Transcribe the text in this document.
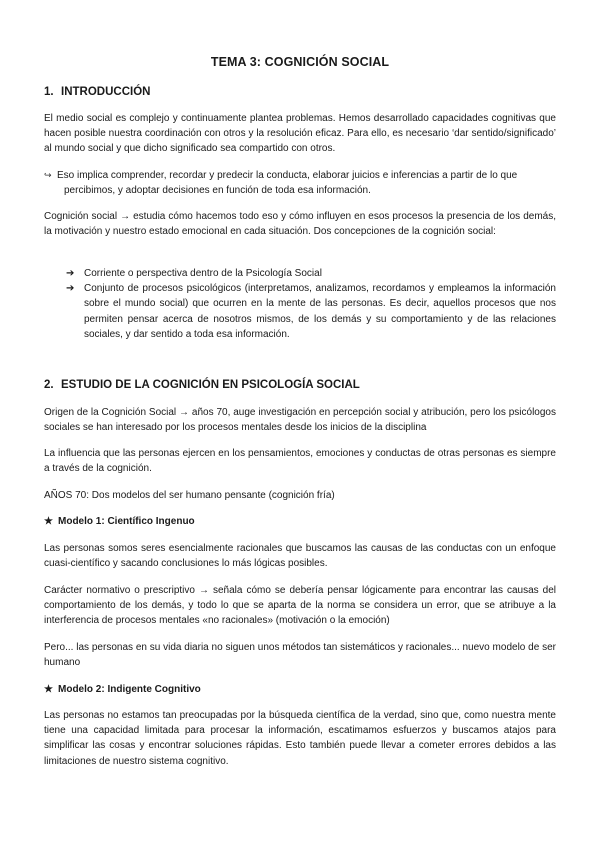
TEMA 3: COGNICIÓN SOCIAL
1. INTRODUCCIÓN

El medio social es complejo y continuamente plantea problemas. Hemos desarrollado capacidades cognitivas que hacen posible nuestra coordinación con otros y la resolución eficaz. Para ello, es necesario ‘dar sentido/significado’ al mundo social y que dicho significado sea compartido con otros.

↪ Eso implica comprender, recordar y predecir la conducta, elaborar juicios e inferencias a partir de lo que percibimos, y adoptar decisiones en función de toda esa información.

Cognición social → estudia cómo hacemos todo eso y cómo influyen en esos procesos la presencia de los demás, la motivación y nuestro estado emocional en cada situación. Dos concepciones de la cognición social:

➔ Corriente o perspectiva dentro de la Psicología Social
➔ Conjunto de procesos psicológicos (interpretamos, analizamos, recordamos y empleamos la información sobre el mundo social) que ocurren en la mente de las personas. Es decir, aquellos procesos que nos permiten pensar acerca de nosotros mismos, de los demás y su comportamiento y de las relaciones sociales, y dar sentido a toda esa información.
2. ESTUDIO DE LA COGNICIÓN EN PSICOLOGÍA SOCIAL

Origen de la Cognición Social → años 70, auge investigación en percepción social y atribución, pero los psicólogos sociales se han interesado por los procesos mentales desde los inicios de la disciplina

La influencia que las personas ejercen en los pensamientos, emociones y conductas de otras personas es siempre a través de la cognición.

AÑOS 70: Dos modelos del ser humano pensante (cognición fría)

★ Modelo 1: Científico Ingenuo

Las personas somos seres esencialmente racionales que buscamos las causas de las conductas con un enfoque cuasi-científico y sacando conclusiones lo más lógicas posibles.

Carácter normativo o prescriptivo → señala cómo se debería pensar lógicamente para encontrar las causas del comportamiento de los demás, y todo lo que se aparta de la norma se considera un error, que se atribuye a la interferencia de procesos mentales «no racionales» (motivación o la emoción)

Pero... las personas en su vida diaria no siguen unos métodos tan sistemáticos y racionales... nuevo modelo de ser humano

★ Modelo 2: Indigente Cognitivo

Las personas no estamos tan preocupadas por la búsqueda científica de la verdad, sino que, como nuestra mente tiene una capacidad limitada para procesar la información, escatimamos esfuerzos y buscamos atajos para simplificar las cosas y encontrar soluciones rápidas. Esto también puede llevar a cometer errores debidos a las limitaciones de nuestro sistema cognitivo.
